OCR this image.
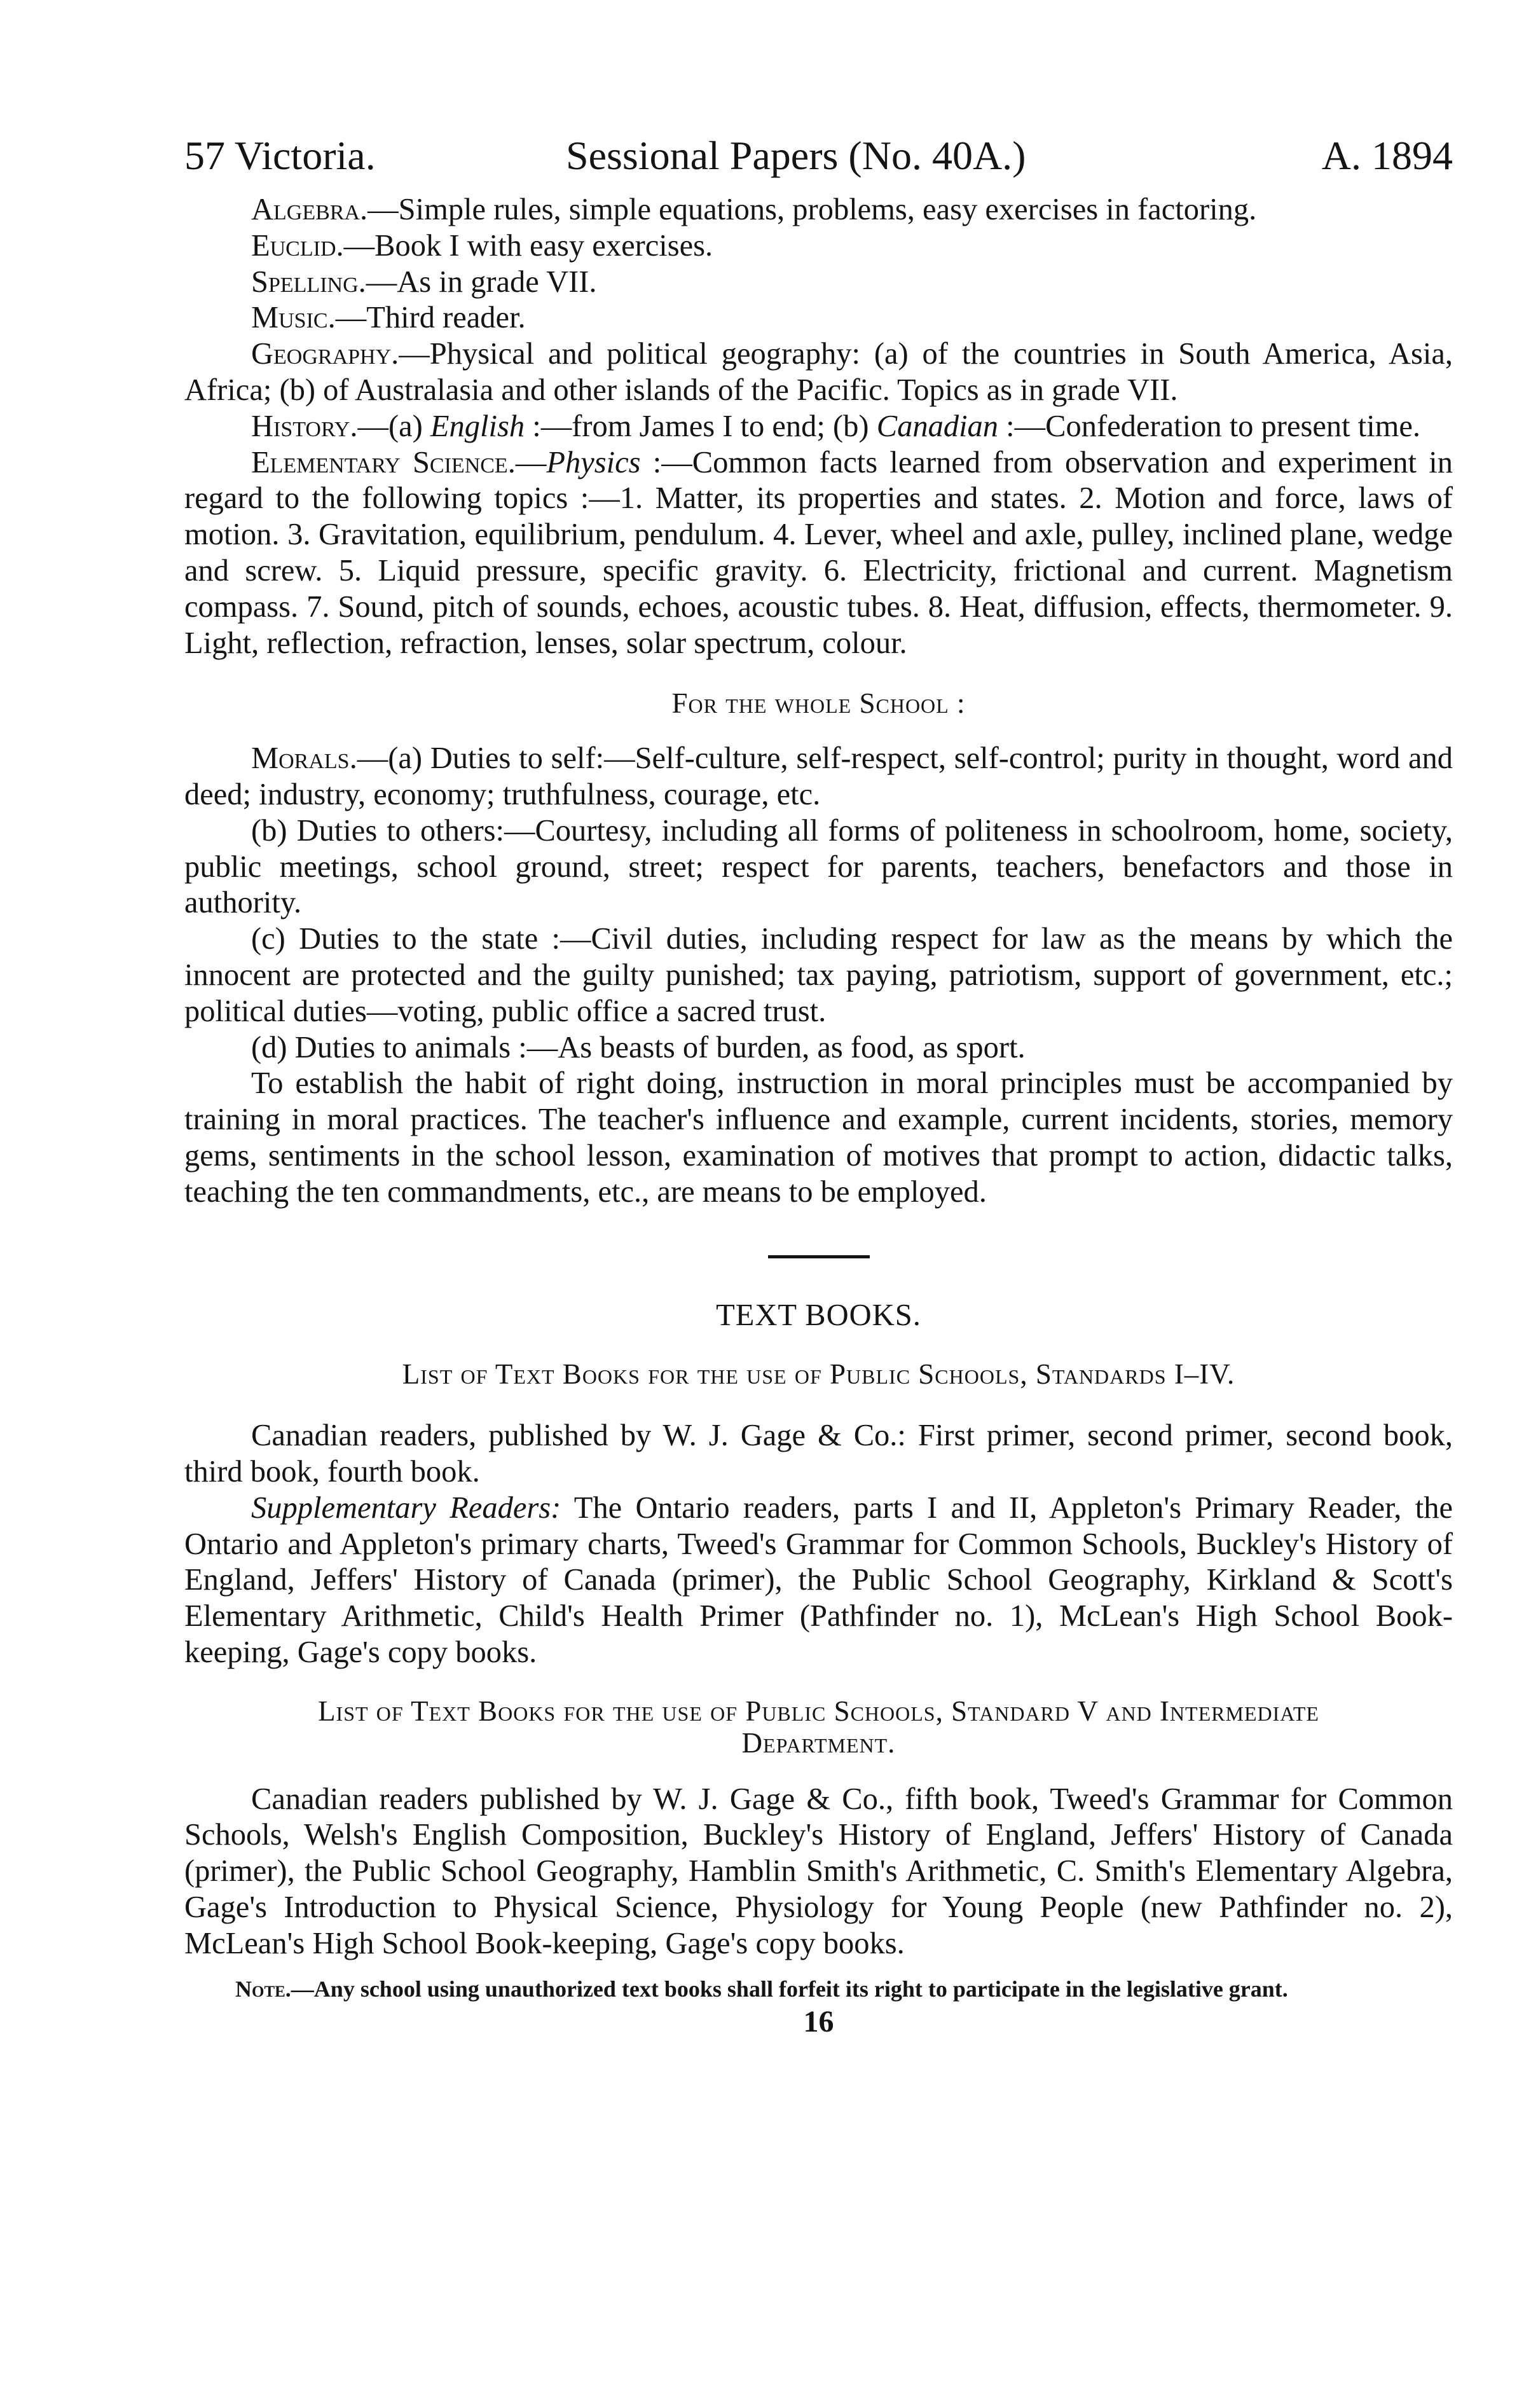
57 Victoria.	Sessional Papers (No. 40A.)	A. 1894

Algebra.—Simple rules, simple equations, problems, easy exercises in factoring.

Euclid.—Book I with easy exercises.

Spelling.—As in grade VII.

Music.—Third reader.

Geography.—Physical and political geography: (a) of the countries in South America, Asia, Africa; (b) of Australasia and other islands of the Pacific. Topics as in grade VII.

History.—(a) English :—from James I to end; (b) Canadian :—Confederation to present time.

Elementary Science.—Physics :—Common facts learned from observation and experiment in regard to the following topics :—1. Matter, its properties and states. 2. Motion and force, laws of motion. 3. Gravitation, equilibrium, pendulum. 4. Lever, wheel and axle, pulley, inclined plane, wedge and screw. 5. Liquid pressure, specific gravity. 6. Electricity, frictional and current. Magnetism compass. 7. Sound, pitch of sounds, echoes, acoustic tubes. 8. Heat, diffusion, effects, thermometer. 9. Light, reflection, refraction, lenses, solar spectrum, colour.

For the whole School :

Morals.—(a) Duties to self:—Self-culture, self-respect, self-control; purity in thought, word and deed; industry, economy; truthfulness, courage, etc.

(b) Duties to others:—Courtesy, including all forms of politeness in schoolroom, home, society, public meetings, school ground, street; respect for parents, teachers, benefactors and those in authority.

(c) Duties to the state :—Civil duties, including respect for law as the means by which the innocent are protected and the guilty punished; tax paying, patriotism, support of government, etc.; political duties—voting, public office a sacred trust.

(d) Duties to animals :—As beasts of burden, as food, as sport.

To establish the habit of right doing, instruction in moral principles must be accompanied by training in moral practices. The teacher's influence and example, current incidents, stories, memory gems, sentiments in the school lesson, examination of motives that prompt to action, didactic talks, teaching the ten commandments, etc., are means to be employed.

TEXT BOOKS.

List of Text Books for the use of Public Schools, Standards I–IV.

Canadian readers, published by W. J. Gage & Co.: First primer, second primer, second book, third book, fourth book.

Supplementary Readers: The Ontario readers, parts I and II, Appleton's Primary Reader, the Ontario and Appleton's primary charts, Tweed's Grammar for Common Schools, Buckley's History of England, Jeffers' History of Canada (primer), the Public School Geography, Kirkland & Scott's Elementary Arithmetic, Child's Health Primer (Pathfinder no. 1), McLean's High School Book-keeping, Gage's copy books.

List of Text Books for the use of Public Schools, Standard V and Intermediate Department.

Canadian readers published by W. J. Gage & Co., fifth book, Tweed's Grammar for Common Schools, Welsh's English Composition, Buckley's History of England, Jeffers' History of Canada (primer), the Public School Geography, Hamblin Smith's Arithmetic, C. Smith's Elementary Algebra, Gage's Introduction to Physical Science, Physiology for Young People (new Pathfinder no. 2), McLean's High School Book-keeping, Gage's copy books.

Note.—Any school using unauthorized text books shall forfeit its right to participate in the legislative grant.

16
